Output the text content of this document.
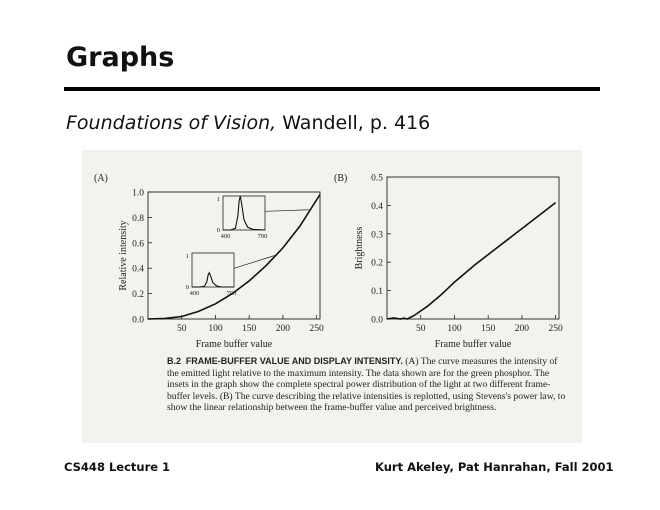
Graphs
Foundations of Vision, Wandell, p. 416
(A)
0.0
0.2
0.4
0.6
0.8
1.0
50 100 150 200 250
Frame buffer value
Relative intensity	400	700
1
0
400	700
1
0
(B)
0.0
0.1
0.2
0.3
0.4
0.5
50 100 150 200 250
Frame buffer value
Brightness
B.2 FRAME-BUFFER VALUE AND DISPLAY INTENSITY. (A) The curve measures the intensity of the emitted light relative to the maximum intensity. The data shown are for the green phosphor. The insets in the graph show the complete spectral power distribution of the light at two different frame-buffer levels. (B) The curve describing the relative intensities is replotted, using Stevens's power law, to show the linear relationship between the frame-buffer value and perceived brightness.
CS448 Lecture 1	Kurt Akeley, Pat Hanrahan, Fall 2001
